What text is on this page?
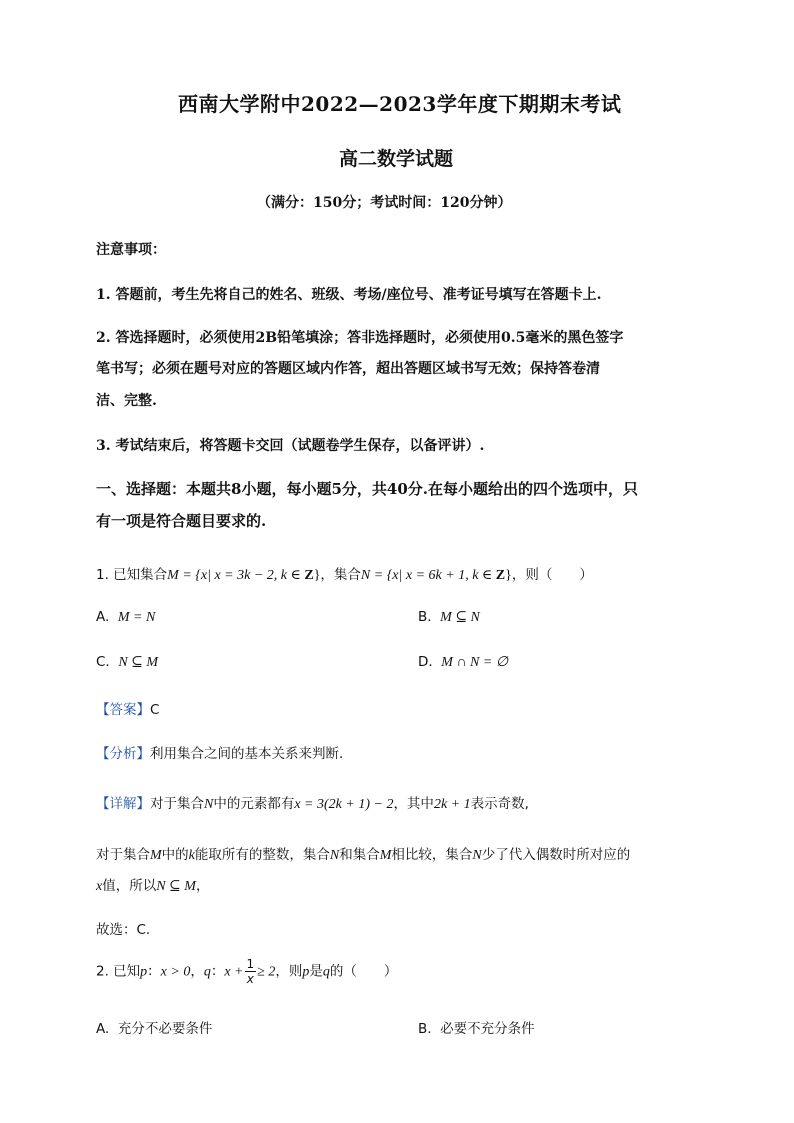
西南大学附中2022—2023学年度下期期末考试
高二数学试题
（满分：150分；考试时间：120分钟）
注意事项：
1. 答题前，考生先将自己的姓名、班级、考场/座位号、准考证号填写在答题卡上.
2. 答选择题时，必须使用2B铅笔填涂；答非选择题时，必须使用0.5毫米的黑色签字
笔书写；必须在题号对应的答题区域内作答，超出答题区域书写无效；保持答卷清
洁、完整.
3. 考试结束后，将答题卡交回（试题卷学生保存，以备评讲）.
一、选择题：本题共8小题，每小题5分，共40分.在每小题给出的四个选项中，只
有一项是符合题目要求的.
1. 已知集合M = {x| x = 3k − 2, k ∈ Z}，集合N = {x| x = 6k + 1, k ∈ Z}，则（　　）
A. M = N	B. M ⊆ N
C. N ⊆ M	D. M ∩ N = ∅
【答案】C
【分析】利用集合之间的基本关系来判断.
【详解】对于集合N中的元素都有x = 3(2k + 1) − 2，其中2k + 1表示奇数,
对于集合M中的k能取所有的整数，集合N和集合M相比较，集合N少了代入偶数时所对应的
x值，所以N ⊆ M，
故选：C.
2. 已知p：x > 0，q：$x + \frac{1}{x} \ge 2$，则p是q的（　　）
A. 充分不必要条件	B. 必要不充分条件
